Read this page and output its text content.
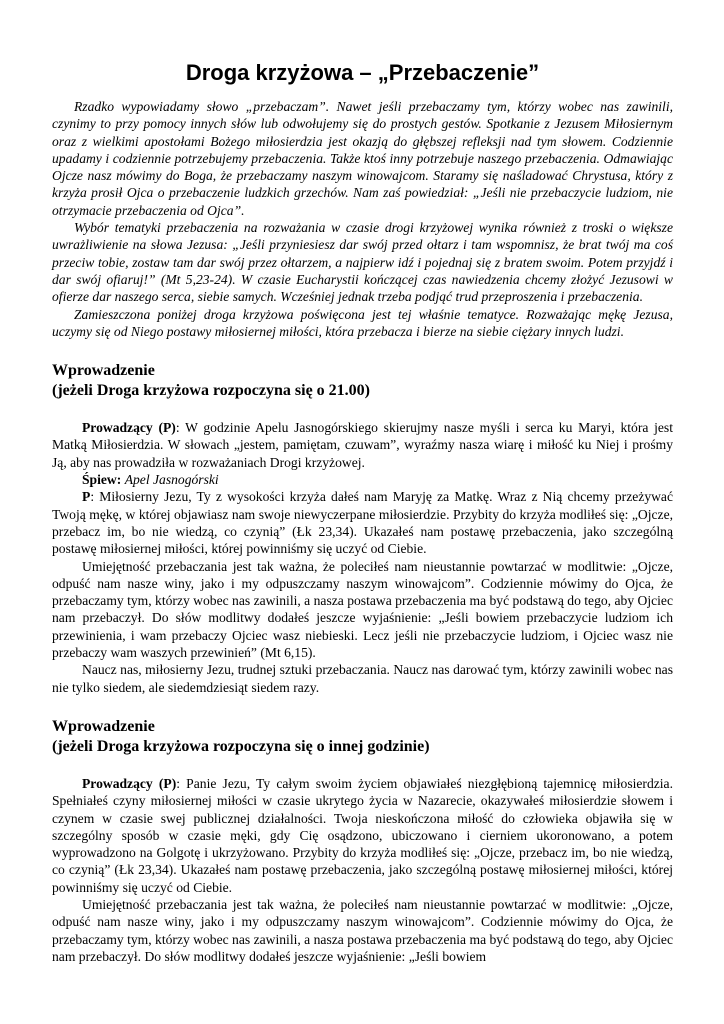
Droga krzyżowa – „Przebaczenie”

Rzadko wypowiadamy słowo „przebaczam”. Nawet jeśli przebaczamy tym, którzy wobec nas zawinili, czynimy to przy pomocy innych słów lub odwołujemy się do prostych gestów. Spotkanie z Jezusem Miłosiernym oraz z wielkimi apostołami Bożego miłosierdzia jest okazją do głębszej refleksji nad tym słowem. Codziennie upadamy i codziennie potrzebujemy przebaczenia. Także ktoś inny potrzebuje naszego przebaczenia. Odmawiając Ojcze nasz mówimy do Boga, że przebaczamy naszym winowajcom. Staramy się naśladować Chrystusa, który z krzyża prosił Ojca o przebaczenie ludzkich grzechów. Nam zaś powiedział: „Jeśli nie przebaczycie ludziom, nie otrzymacie przebaczenia od Ojca”.

Wybór tematyki przebaczenia na rozważania w czasie drogi krzyżowej wynika również z troski o większe uwrażliwienie na słowa Jezusa: „Jeśli przyniesiesz dar swój przed ołtarz i tam wspomnisz, że brat twój ma coś przeciw tobie, zostaw tam dar swój przez ołtarzem, a najpierw idź i pojednaj się z bratem swoim. Potem przyjdź i dar swój ofiaruj!” (Mt 5,23-24). W czasie Eucharystii kończącej czas nawiedzenia chcemy złożyć Jezusowi w ofierze dar naszego serca, siebie samych. Wcześniej jednak trzeba podjąć trud przeproszenia i przebaczenia.

Zamieszczona poniżej droga krzyżowa poświęcona jest tej właśnie tematyce. Rozważając mękę Jezusa, uczymy się od Niego postawy miłosiernej miłości, która przebacza i bierze na siebie ciężary innych ludzi.

Wprowadzenie
(jeżeli Droga krzyżowa rozpoczyna się o 21.00)

Prowadzący (P): W godzinie Apelu Jasnogórskiego skierujmy nasze myśli i serca ku Maryi, która jest Matką Miłosierdzia. W słowach „jestem, pamiętam, czuwam”, wyraźmy nasza wiarę i miłość ku Niej i prośmy Ją, aby nas prowadziła w rozważaniach Drogi krzyżowej.

Śpiew: Apel Jasnogórski

P: Miłosierny Jezu, Ty z wysokości krzyża dałeś nam Maryję za Matkę. Wraz z Nią chcemy przeżywać Twoją mękę, w której objawiasz nam swoje niewyczerpane miłosierdzie. Przybity do krzyża modliłeś się: „Ojcze, przebacz im, bo nie wiedzą, co czynią” (Łk 23,34). Ukazałeś nam postawę przebaczenia, jako szczególną postawę miłosiernej miłości, której powinniśmy się uczyć od Ciebie.

Umiejętność przebaczania jest tak ważna, że poleciłeś nam nieustannie powtarzać w modlitwie: „Ojcze, odpuść nam nasze winy, jako i my odpuszczamy naszym winowajcom”. Codziennie mówimy do Ojca, że przebaczamy tym, którzy wobec nas zawinili, a nasza postawa przebaczenia ma być podstawą do tego, aby Ojciec nam przebaczył. Do słów modlitwy dodałeś jeszcze wyjaśnienie: „Jeśli bowiem przebaczycie ludziom ich przewinienia, i wam przebaczy Ojciec wasz niebieski. Lecz jeśli nie przebaczycie ludziom, i Ojciec wasz nie przebaczy wam waszych przewinień” (Mt 6,15).

Naucz nas, miłosierny Jezu, trudnej sztuki przebaczania. Naucz nas darować tym, którzy zawinili wobec nas nie tylko siedem, ale siedemdziesiąt siedem razy.

Wprowadzenie
(jeżeli Droga krzyżowa rozpoczyna się o innej godzinie)

Prowadzący (P): Panie Jezu, Ty całym swoim życiem objawiałeś niezgłębioną tajemnicę miłosierdzia. Spełniałeś czyny miłosiernej miłości w czasie ukrytego życia w Nazarecie, okazywałeś miłosierdzie słowem i czynem w czasie swej publicznej działalności. Twoja nieskończona miłość do człowieka objawiła się w szczególny sposób w czasie męki, gdy Cię osądzono, ubiczowano i cierniem ukoronowano, a potem wyprowadzono na Golgotę i ukrzyżowano. Przybity do krzyża modliłeś się: „Ojcze, przebacz im, bo nie wiedzą, co czynią” (Łk 23,34). Ukazałeś nam postawę przebaczenia, jako szczególną postawę miłosiernej miłości, której powinniśmy się uczyć od Ciebie.

Umiejętność przebaczania jest tak ważna, że poleciłeś nam nieustannie powtarzać w modlitwie: „Ojcze, odpuść nam nasze winy, jako i my odpuszczamy naszym winowajcom”. Codziennie mówimy do Ojca, że przebaczamy tym, którzy wobec nas zawinili, a nasza postawa przebaczenia ma być podstawą do tego, aby Ojciec nam przebaczył. Do słów modlitwy dodałeś jeszcze wyjaśnienie: „Jeśli bowiem
